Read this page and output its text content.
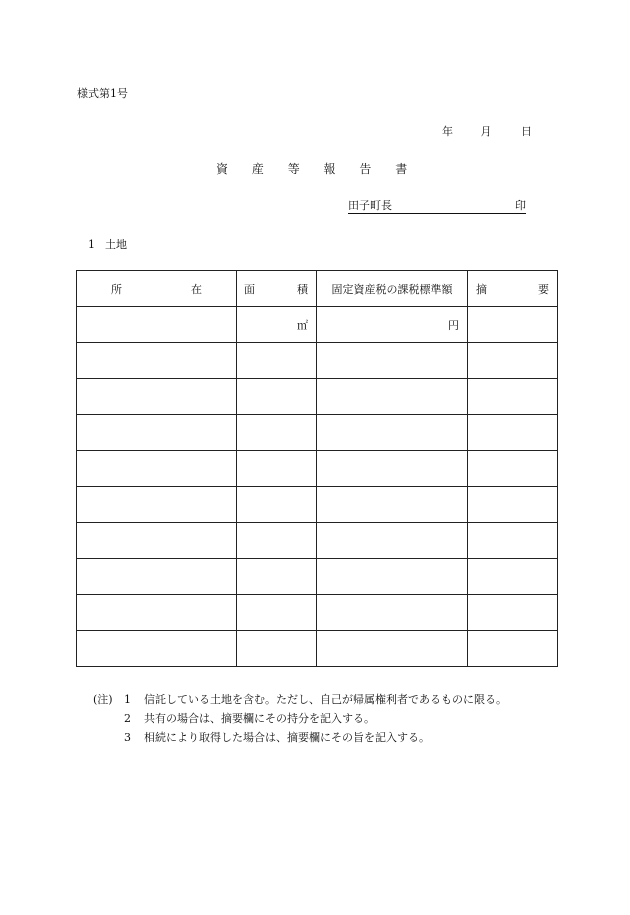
様式第1号
年	月	日
資 産 等 報 告 書
田子町長	印
1 土地
所 在	面 積	固定資産税の課税標準額	摘 要

	㎡	円	

(注)	1	信託している土地を含む。ただし、自己が帰属権利者であるものに限る。
2	共有の場合は、摘要欄にその持分を記入する。
3	相続により取得した場合は、摘要欄にその旨を記入する。
